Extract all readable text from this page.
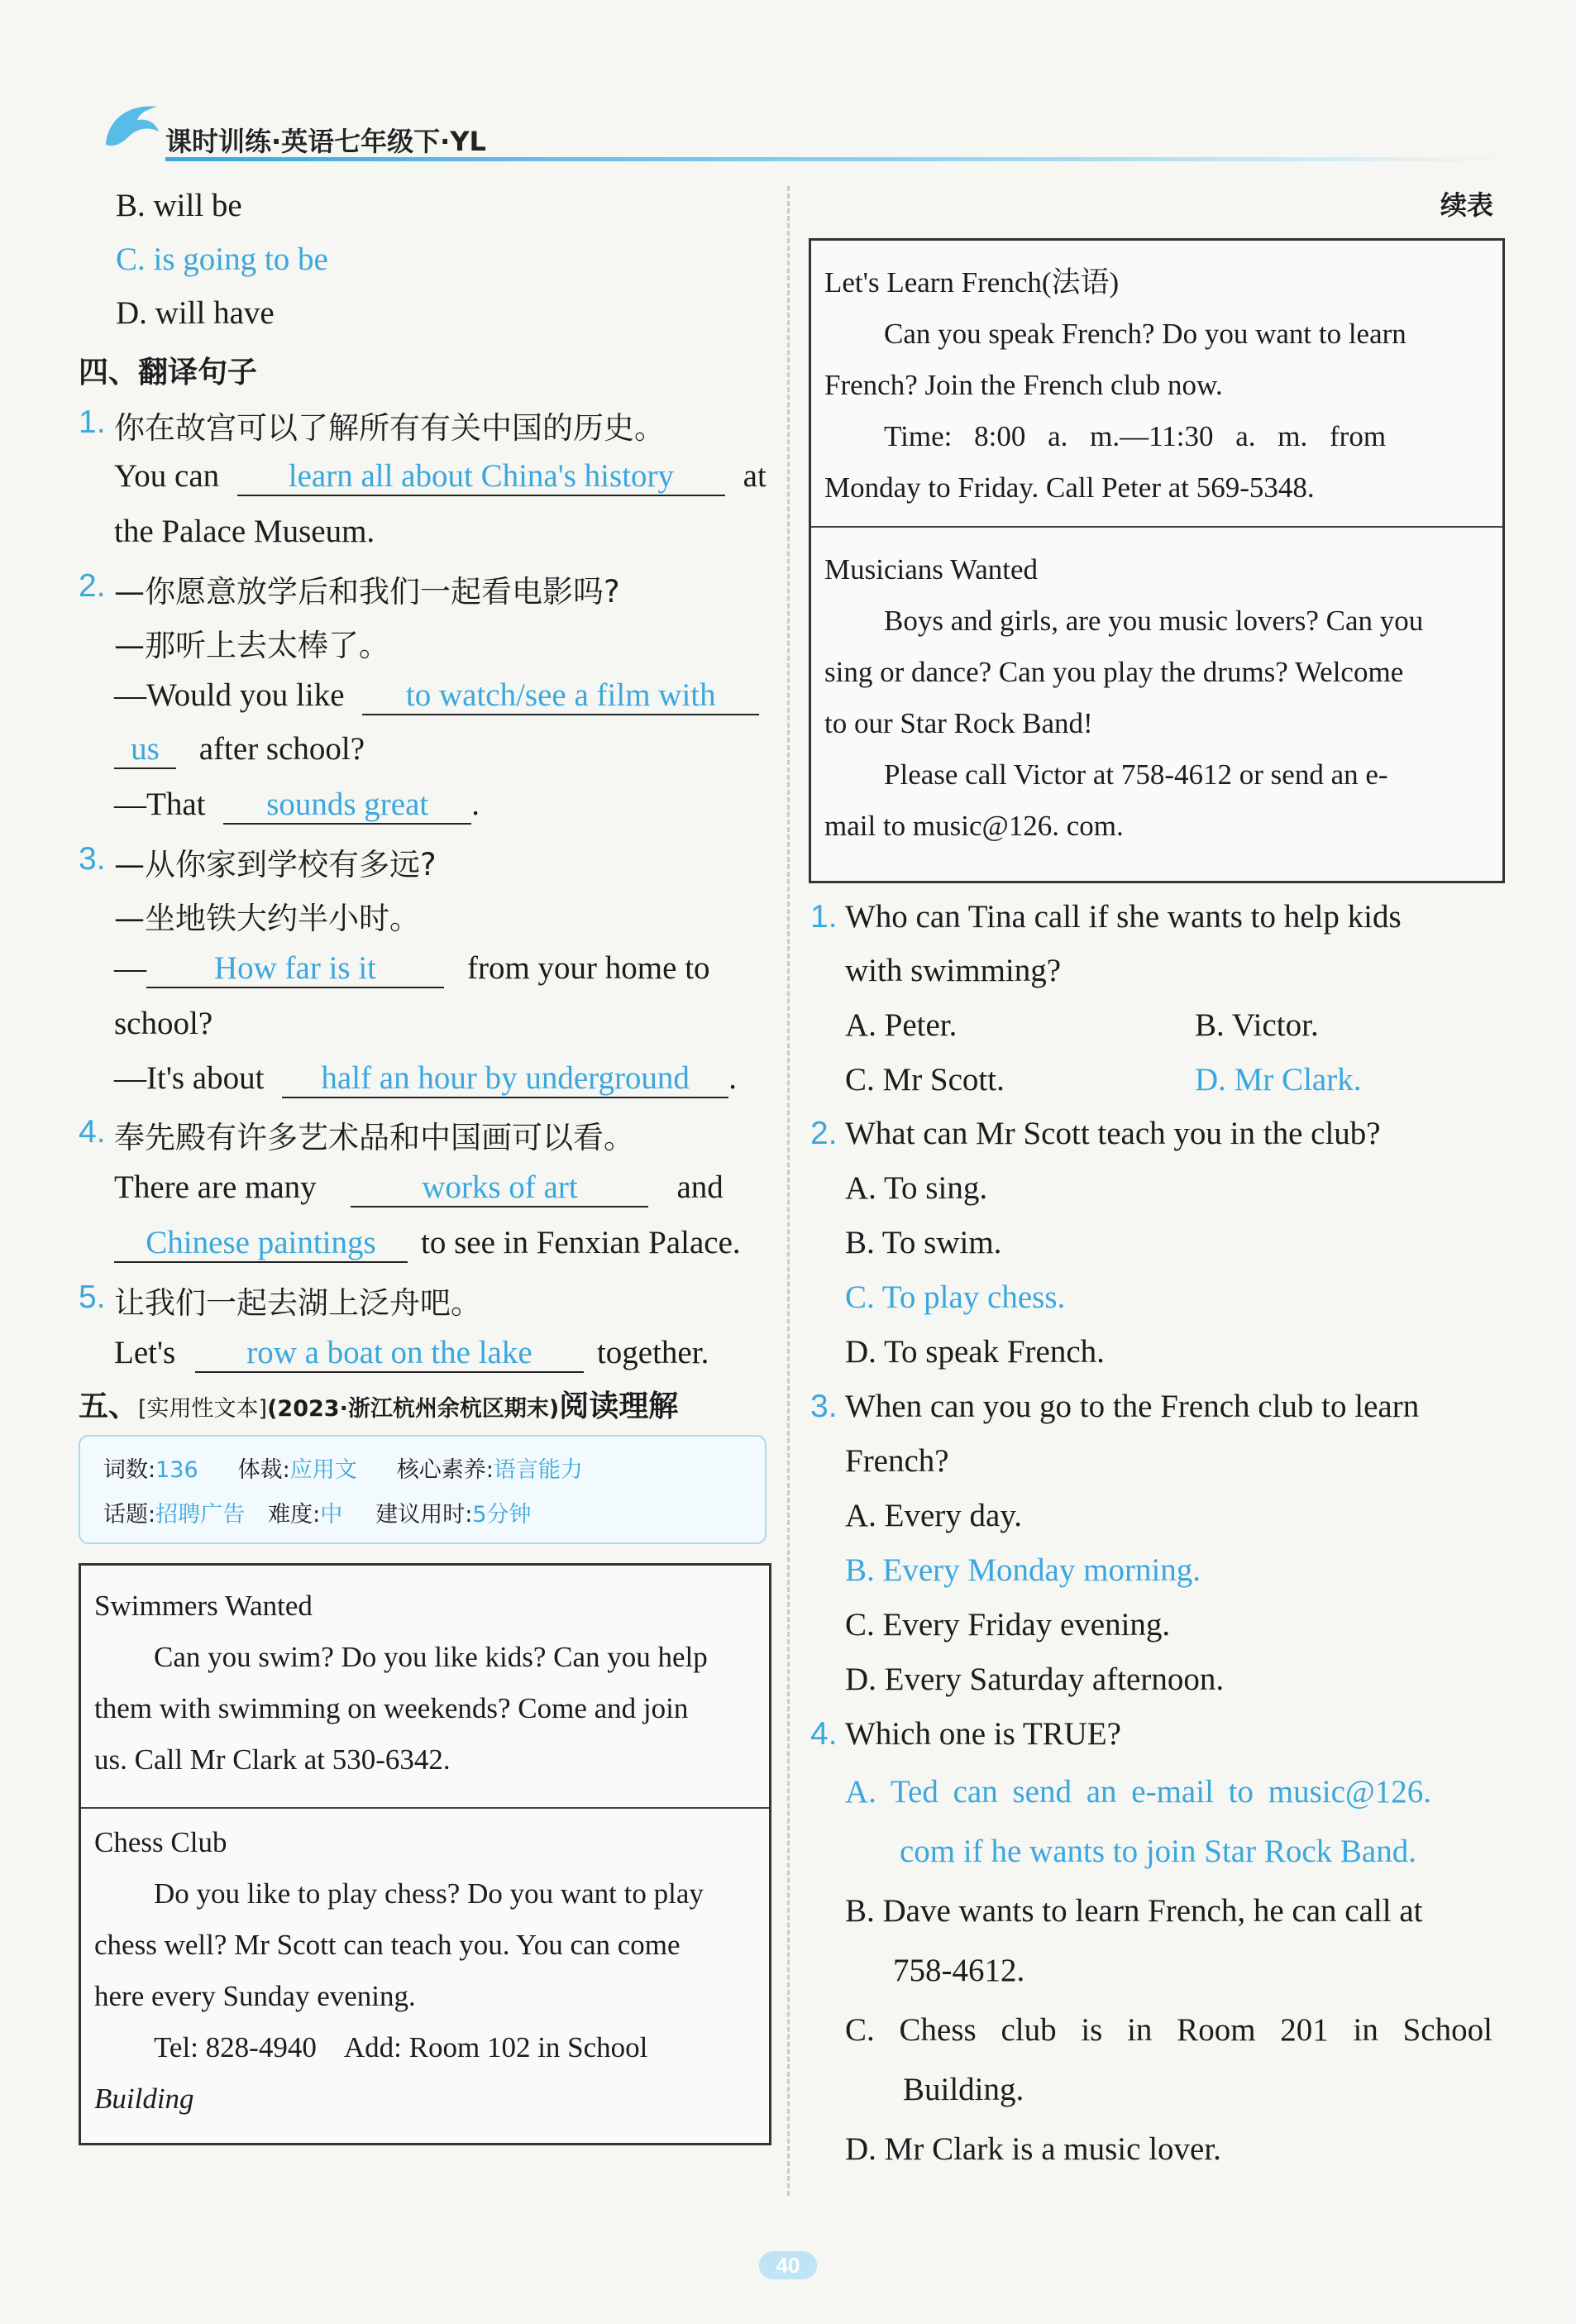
课时训练·英语七年级下·YL
B. will be
C. is going to be
D. will have
四、翻译句子
1. 你在故宫可以了解所有有关中国的历史。
You can learn all about China's history at
the Palace Museum.
2. —你愿意放学后和我们一起看电影吗?
—那听上去太棒了。
—Would you like to watch/see a film with
us after school?
—That sounds great .
3. —从你家到学校有多远?
—坐地铁大约半小时。
— How far is it	from your home to
school?
—It's about half an hour by underground .
4. 奉先殿有许多艺术品和中国画可以看。
There are many	works of art	and
Chinese paintings to see in Fenxian Palace.
5. 让我们一起去湖上泛舟吧。
Let's row a boat on the lake together.
五、[实用性文本](2023·浙江杭州余杭区期末)阅读理解
词数:136 体裁:应用文 核心素养:语言能力
话题:招聘广告 难度:中 建议用时:5分钟
Swimmers Wanted
Can you swim? Do you like kids? Can you help
them with swimming on weekends? Come and join
us. Call Mr Clark at 530-6342.
Chess Club
Do you like to play chess? Do you want to play
chess well? Mr Scott can teach you. You can come
here every Sunday evening.
Tel: 828-4940    Add: Room 102 in School
Building
续表
Let's Learn French(法语)
Can you speak French? Do you want to learn
French? Join the French club now.
Time: 8:00 a. m.—11:30 a. m. from
Monday to Friday. Call Peter at 569-5348.
Musicians Wanted
Boys and girls, are you music lovers? Can you
sing or dance? Can you play the drums? Welcome
to our Star Rock Band!
Please call Victor at 758-4612 or send an e-
mail to music@126. com.
1. Who can Tina call if she wants to help kids
with swimming?
A. Peter.	B. Victor.
C. Mr Scott.	D. Mr Clark.
2. What can Mr Scott teach you in the club?
A. To sing.
B. To swim.
C. To play chess.
D. To speak French.
3. When can you go to the French club to learn
French?
A. Every day.
B. Every Monday morning.
C. Every Friday evening.
D. Every Saturday afternoon.
4. Which one is TRUE?
A. Ted can send an e-mail to music@126.
com if he wants to join Star Rock Band.
B. Dave wants to learn French, he can call at
758-4612.
C. Chess club is in Room 201 in School
Building.
D. Mr Clark is a music lover.
40
